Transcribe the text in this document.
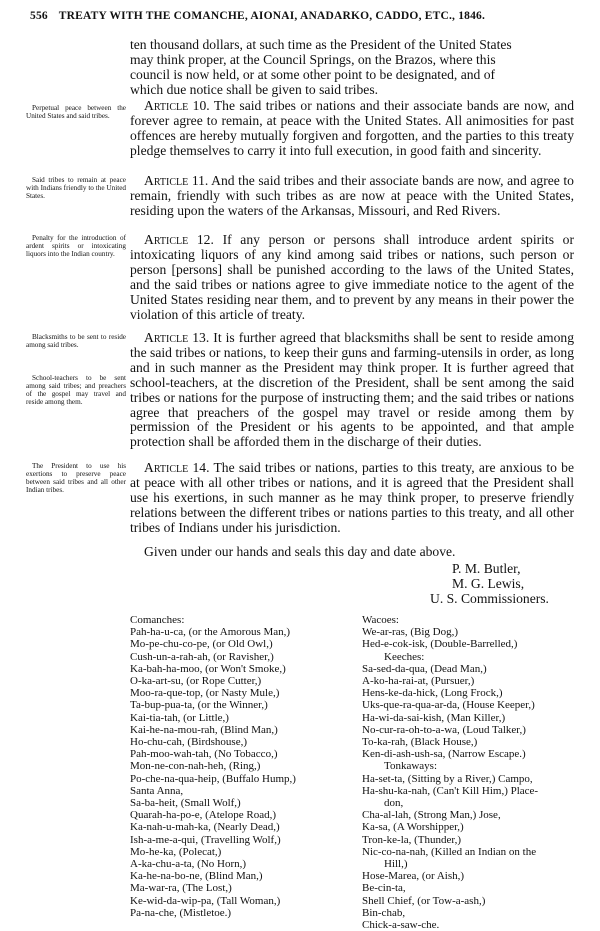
556 TREATY WITH THE COMANCHE, AIONAI, ANADARKO, CADDO, ETC., 1846.

ten thousand dollars, at such time as the President of the United States

may think proper, at the Council Springs, on the Brazos, where this

council is now held, or at some other point to be designated, and of

which due notice shall be given to said tribes.

Article 10. The said tribes or nations and their associate bands are now, and forever agree to remain, at peace with the United States. All animosities for past offences are hereby mutually forgiven and forgotten, and the parties to this treaty pledge themselves to carry it into full execution, in good faith and sincerity.

Article 11. And the said tribes and their associate bands are now, and agree to remain, friendly with such tribes as are now at peace with the United States, residing upon the waters of the Arkansas, Missouri, and Red Rivers.

Article 12. If any person or persons shall introduce ardent spirits or intoxicating liquors of any kind among said tribes or nations, such person or person [persons] shall be punished according to the laws of the United States, and the said tribes or nations agree to give immediate notice to the agent of the United States residing near them, and to prevent by any means in their power the violation of this article of treaty.

Article 13. It is further agreed that blacksmiths shall be sent to reside among the said tribes or nations, to keep their guns and farming-utensils in order, as long and in such manner as the President may think proper. It is further agreed that school-teachers, at the discretion of the President, shall be sent among the said tribes or nations for the purpose of instructing them; and the said tribes or nations agree that preachers of the gospel may travel or reside among them by permission of the President or his agents to be appointed, and that ample protection shall be afforded them in the discharge of their duties.

Article 14. The said tribes or nations, parties to this treaty, are anxious to be at peace with all other tribes or nations, and it is agreed that the President shall use his exertions, in such manner as he may think proper, to preserve friendly relations between the different tribes or nations parties to this treaty, and all other tribes of Indians under his jurisdiction.

Perpetual peace between the United States and said tribes.
Said tribes to remain at peace with Indians friendly to the United States.
Penalty for the introduction of ardent spirits or intoxicating liquors into the Indian country.
Blacksmiths to be sent to reside among said tribes.
School-teachers to be sent among said tribes; and preachers of the gospel may travel and reside among them.
The President to use his exertions to preserve peace between said tribes and all other Indian tribes.

Given under our hands and seals this day and date above.

P. M. Butler,
M. G. Lewis,
U. S. Commissioners.
Comanches:
Pah-ha-u-ca, (or the Amorous Man,)
Mo-pe-chu-co-pe, (or Old Owl,)
Cush-un-a-rah-ah, (or Ravisher,)
Ka-bah-ha-moo, (or Won't Smoke,)
O-ka-art-su, (or Rope Cutter,)
Moo-ra-que-top, (or Nasty Mule,)
Ta-bup-pua-ta, (or the Winner,)
Kai-tia-tah, (or Little,)
Kai-he-na-mou-rah, (Blind Man,)
Ho-chu-cah, (Birdshouse,)
Pah-moo-wah-tah, (No Tobacco,)
Mon-ne-con-nah-heh, (Ring,)
Po-che-na-qua-heip, (Buffalo Hump,)
Santa Anna,
Sa-ba-heit, (Small Wolf,)
Quarah-ha-po-e, (Atelope Road,)
Ka-nah-u-mah-ka, (Nearly Dead,)
Ish-a-me-a-qui, (Travelling Wolf,)
Mo-he-ka, (Polecat,)
A-ka-chu-a-ta, (No Horn,)
Ka-he-na-bo-ne, (Blind Man,)
Ma-war-ra, (The Lost,)
Ke-wid-da-wip-pa, (Tall Woman,)
Pa-na-che, (Mistletoe.)
Wacoes:
We-ar-ras, (Big Dog,)
Hed-e-cok-isk, (Double-Barrelled,)
Keeches:
Sa-sed-da-qua, (Dead Man,)
A-ko-ha-rai-at, (Pursuer,)
Hens-ke-da-hick, (Long Frock,)
Uks-que-ra-qua-ar-da, (House Keeper,)
Ha-wi-da-sai-kish, (Man Killer,)
No-cur-ra-oh-to-a-wa, (Loud Talker,)
To-ka-rah, (Black House,)
Ken-di-ash-ush-sa, (Narrow Escape.)
Tonkaways:
Ha-set-ta, (Sitting by a River,) Campo,
Ha-shu-ka-nah, (Can't Kill Him,) Place-
don,
Cha-al-lah, (Strong Man,) Jose,
Ka-sa, (A Worshipper,)
Tron-ke-la, (Thunder,)
Nic-co-na-nah, (Killed an Indian on the
Hill,)
Hose-Marea, (or Aish,)
Be-cin-ta,
Shell Chief, (or Tow-a-ash,)
Bin-chab,
Chick-a-saw-che.
